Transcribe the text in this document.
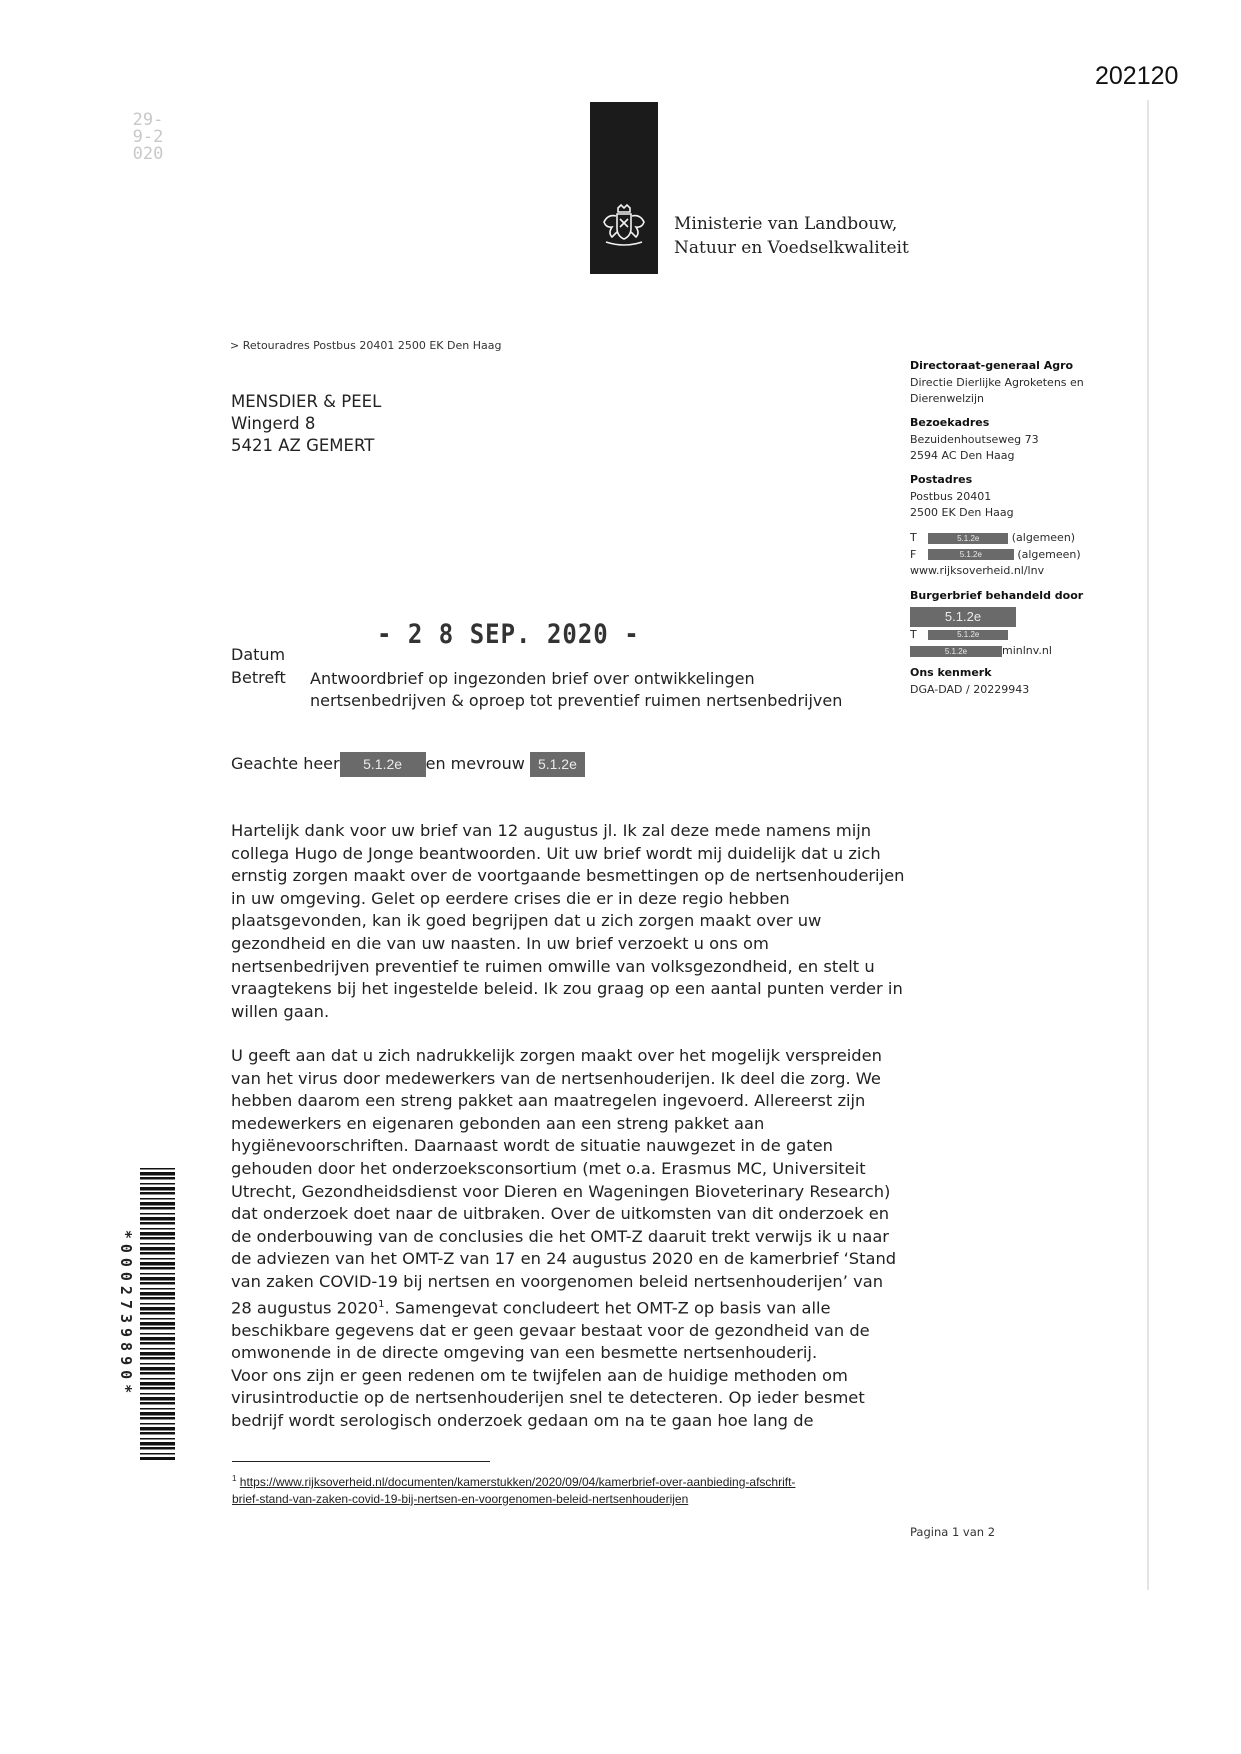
202120
29-9-2020
Ministerie van Landbouw,
Natuur en Voedselkwaliteit
> Retouradres Postbus 20401 2500 EK Den Haag
MENSDIER & PEEL
Wingerd 8
5421 AZ GEMERT
Directoraat-generaal Agro
Directie Dierlijke Agroketens en
Dierenwelzijn
Bezoekadres
Bezuidenhoutseweg 73
2594 AC Den Haag
Postadres
Postbus 20401
2500 EK Den Haag
T	5.1.2e	(algemeen)
F	5.1.2e	(algemeen)
www.rijksoverheid.nl/lnv
Burgerbrief behandeld door
5.1.2e
T	5.1.2e
5.1.2e	minlnv.nl
Ons kenmerk
DGA-DAD / 20229943
- 2 8 SEP. 2020 -
Datum
Betreft Antwoordbrief op ingezonden brief over ontwikkelingen
nertsenbedrijven & oproep tot preventief ruimen nertsenbedrijven
Geachte heer 5.1.2e en mevrouw 5.1.2e

Hartelijk dank voor uw brief van 12 augustus jl. Ik zal deze mede namens mijn

collega Hugo de Jonge beantwoorden. Uit uw brief wordt mij duidelijk dat u zich

ernstig zorgen maakt over de voortgaande besmettingen op de nertsenhouderijen

in uw omgeving. Gelet op eerdere crises die er in deze regio hebben

plaatsgevonden, kan ik goed begrijpen dat u zich zorgen maakt over uw

gezondheid en die van uw naasten. In uw brief verzoekt u ons om

nertsenbedrijven preventief te ruimen omwille van volksgezondheid, en stelt u

vraagtekens bij het ingestelde beleid. Ik zou graag op een aantal punten verder in

willen gaan.

U geeft aan dat u zich nadrukkelijk zorgen maakt over het mogelijk verspreiden

van het virus door medewerkers van de nertsenhouderijen. Ik deel die zorg. We

hebben daarom een streng pakket aan maatregelen ingevoerd. Allereerst zijn

medewerkers en eigenaren gebonden aan een streng pakket aan

hygiënevoorschriften. Daarnaast wordt de situatie nauwgezet in de gaten

gehouden door het onderzoeksconsortium (met o.a. Erasmus MC, Universiteit

Utrecht, Gezondheidsdienst voor Dieren en Wageningen Bioveterinary Research)

dat onderzoek doet naar de uitbraken. Over de uitkomsten van dit onderzoek en

de onderbouwing van de conclusies die het OMT-Z daaruit trekt verwijs ik u naar

de adviezen van het OMT-Z van 17 en 24 augustus 2020 en de kamerbrief ‘Stand

van zaken COVID-19 bij nertsen en voorgenomen beleid nertsenhouderijen’ van

28 augustus 2020$^1$. Samengevat concludeert het OMT-Z op basis van alle

beschikbare gegevens dat er geen gevaar bestaat voor de gezondheid van de

omwonende in de directe omgeving van een besmette nertsenhouderij.

Voor ons zijn er geen redenen om te twijfelen aan de huidige methoden om

virusintroductie op de nertsenhouderijen snel te detecteren. Op ieder besmet

bedrijf wordt serologisch onderzoek gedaan om na te gaan hoe lang de

*0002739890*
$^1$ https://www.rijksoverheid.nl/documenten/kamerstukken/2020/09/04/kamerbrief-over-aanbieding-afschrift-
brief-stand-van-zaken-covid-19-bij-nertsen-en-voorgenomen-beleid-nertsenhouderijen
Pagina 1 van 2
